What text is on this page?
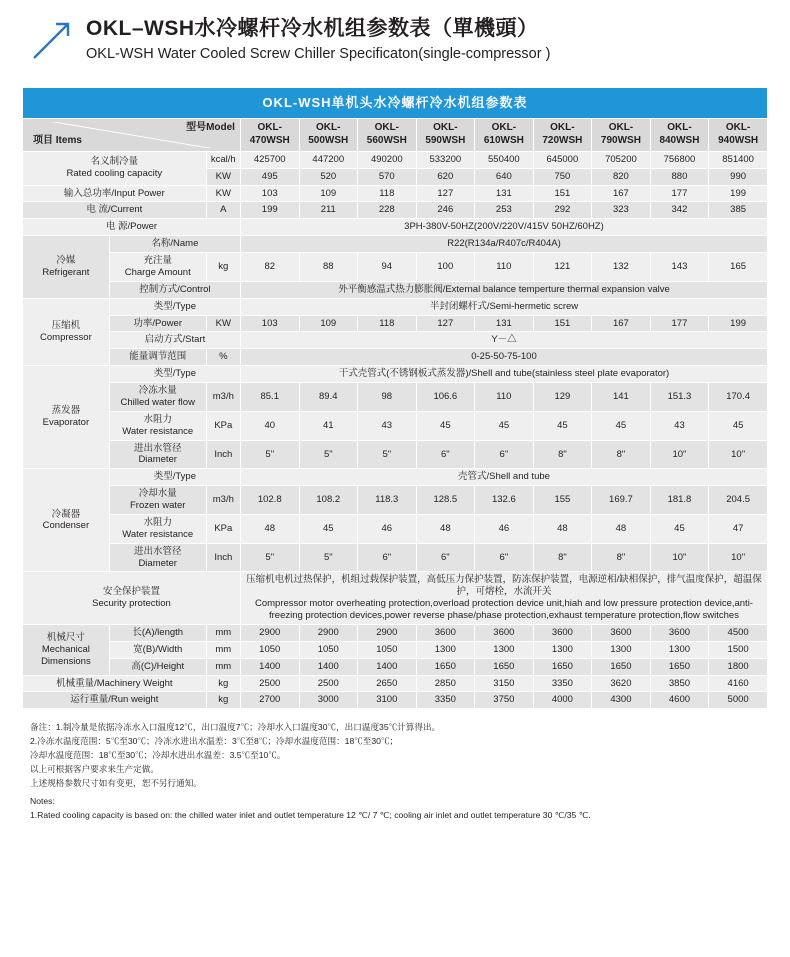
OKL–WSH水冷螺杆冷水机组参数表（單機頭）
OKL-WSH Water Cooled Screw Chiller Specificaton(single-compressor )
OKL-WSH单机头水冷螺杆冷水机组参数表											

项目 Items
型号Model			OKL-470WSH	OKL-500WSH	OKL-560WSH	OKL-590WSH	OKL-610WSH	OKL-720WSH	OKL-790WSH	OKL-840WSH	OKL-940WSH

名义制冷量
Rated cooling capacity		kcal/h	425700	447200	490200	533200	550400	645000	705200	756800	851400
		KW	495	520	570	620	640	750	820	880	990
输入总功率/Input Power		KW	103	109	118	127	131	151	167	177	199
电 流/Current		A	199	211	228	246	253	292	323	342	385
电 源/Power			3PH-380V-50HZ(200V/220V/415V 50HZ/60HZ)								

冷媒
Refrigerant	名称/Name		R22(R134a/R407c/R404A)								

	充注量
Charge Amount	kg	82	88	94	100	110	121	132	143	165
	控制方式/Control		外平衡感温式热力膨胀阀/External balance temperture thermal expansion valve								

压缩机
Compressor	类型/Type		半封闭螺杆式/Semi-hermetic screw								
	功率/Power	KW	103	109	118	127	131	151	167	177	199
	启动方式/Start		Y－△								
	能量调节范围	%	0-25-50-75-100								

蒸发器
Evaporator	类型/Type		干式壳管式(不锈钢板式蒸发器)/Shell and tube(stainless steel plate evaporator)								

	冷冻水量
Chilled water flow	m3/h	85.1	89.4	98	106.6	110	129	141	151.3	170.4

	水阻力
Water resistance	KPa	40	41	43	45	45	45	45	43	45

	进出水管径
Diameter	Inch	5"	5"	5"	6"	6"	8"	8"	10"	10"

冷凝器
Condenser	类型/Type		壳管式/Shell and tube								

	冷却水量
Frozen water	m3/h	102.8	108.2	118.3	128.5	132.6	155	169.7	181.8	204.5

	水阻力
Water resistance	KPa	48	45	46	48	46	48	48	45	47

	进出水管径
Diameter	Inch	5"	5"	6"	6"	6"	8"	8"	10"	10"

安全保护装置
Security protection

压缩机电机过热保护，机组过载保护装置，高低压力保护装置，防冻保护装置，电源逆相/缺相保护，排气温度保护，超温保护，可熔栓，水流开关
Compressor motor overheating protection,overload protection device unit,hiah and low pressure protection device,anti-freezing protection devices,power reverse phase/phase protection,exhaust temperature protection,flow switches

机械尺寸
Mechanical
Dimensions	长(A)/length	mm	2900	2900	2900	3600	3600	3600	3600	3600	4500
	宽(B)/Width	mm	1050	1050	1050	1300	1300	1300	1300	1300	1500
	高(C)/Height	mm	1400	1400	1400	1650	1650	1650	1650	1650	1800
机械重量/Machinery Weight		kg	2500	2500	2650	2850	3150	3350	3620	3850	4160
运行重量/Run weight		kg	2700	3000	3100	3350	3750	4000	4300	4600	5000
备注：1.制冷量是依据冷冻水入口温度12℃，出口温度7℃；冷却水入口温度30℃，出口温度35℃计算得出。
2.冷冻水温度范围：5℃至30℃；冷冻水进出水温差：3℃至8℃；冷却水温度范围：18℃至30℃；
冷却水温度范围：18℃至30℃；冷却水进出水温差：3.5℃至10℃。
以上可根据客户要求来生产定做。
上述规格参数尺寸如有变更，恕不另行通知。
Notes:
1.Rated cooling capacity is based on: the chilled water inlet and outlet temperature 12 ℃/ 7 ℃; cooling air inlet and outlet temperature 30 ℃/35 ℃.
